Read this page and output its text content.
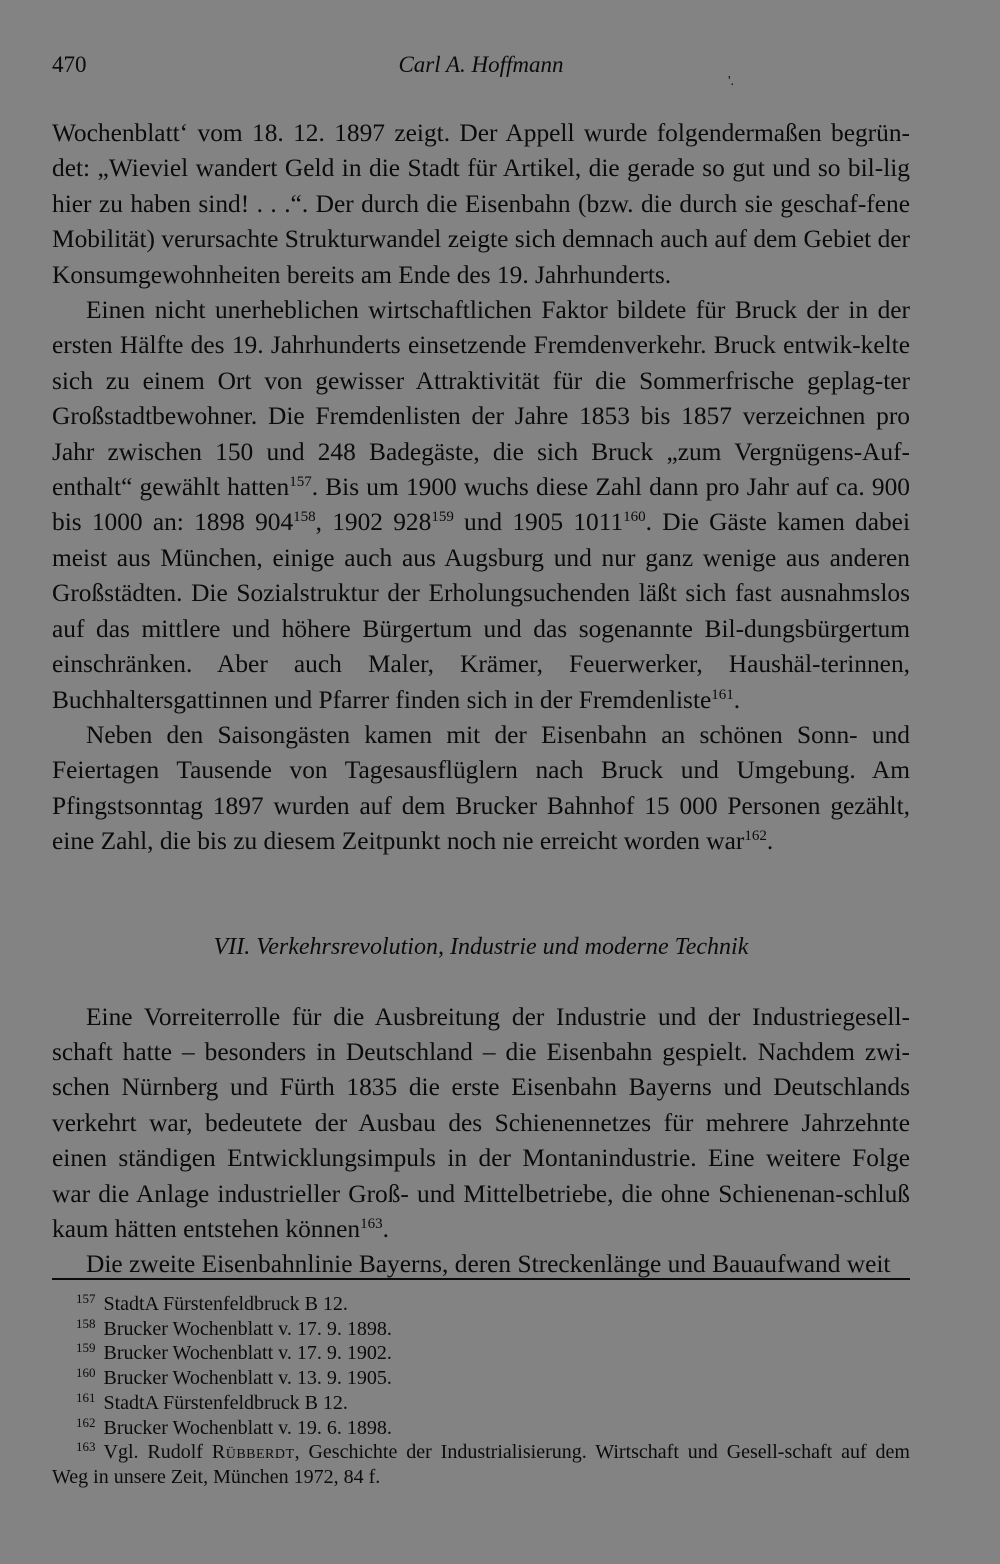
470	Carl A. Hoffmann
'.

Wochenblatt‘ vom 18. 12. 1897 zeigt. Der Appell wurde folgendermaßen begrün-det: „Wieviel wandert Geld in die Stadt für Artikel, die gerade so gut und so bil-lig hier zu haben sind! . . .“. Der durch die Eisenbahn (bzw. die durch sie geschaf-fene Mobilität) verursachte Strukturwandel zeigte sich demnach auch auf dem Gebiet der Konsumgewohnheiten bereits am Ende des 19. Jahrhunderts.

Einen nicht unerheblichen wirtschaftlichen Faktor bildete für Bruck der in der ersten Hälfte des 19. Jahrhunderts einsetzende Fremdenverkehr. Bruck entwik-kelte sich zu einem Ort von gewisser Attraktivität für die Sommerfrische geplag-ter Großstadtbewohner. Die Fremdenlisten der Jahre 1853 bis 1857 verzeichnen pro Jahr zwischen 150 und 248 Badegäste, die sich Bruck „zum Vergnügens-Auf-enthalt“ gewählt hatten$^{157}$. Bis um 1900 wuchs diese Zahl dann pro Jahr auf ca. 900 bis 1000 an: 1898 $904^{158}$, 1902 $928^{159}$ und 1905 1011$^{160}$. Die Gäste kamen dabei meist aus München, einige auch aus Augsburg und nur ganz wenige aus anderen Großstädten. Die Sozialstruktur der Erholungsuchenden läßt sich fast ausnahmslos auf das mittlere und höhere Bürgertum und das sogenannte Bil-dungsbürgertum einschränken. Aber auch Maler, Krämer, Feuerwerker, Haushäl-terinnen, Buchhaltersgattinnen und Pfarrer finden sich in der Fremdenliste$^{161}$.

Neben den Saisongästen kamen mit der Eisenbahn an schönen Sonn- und Feiertagen Tausende von Tagesausflüglern nach Bruck und Umgebung. Am Pfingstsonntag 1897 wurden auf dem Brucker Bahnhof 15 000 Personen gezählt, eine Zahl, die bis zu diesem Zeitpunkt noch nie erreicht worden war$^{162}$.

VII. Verkehrsrevolution, Industrie und moderne Technik

Eine Vorreiterrolle für die Ausbreitung der Industrie und der Industriegesell-schaft hatte – besonders in Deutschland – die Eisenbahn gespielt. Nachdem zwi-schen Nürnberg und Fürth 1835 die erste Eisenbahn Bayerns und Deutschlands verkehrt war, bedeutete der Ausbau des Schienennetzes für mehrere Jahrzehnte einen ständigen Entwicklungsimpuls in der Montanindustrie. Eine weitere Folge war die Anlage industrieller Groß- und Mittelbetriebe, die ohne Schienenan-schluß kaum hätten entstehen können$^{163}$.

Die zweite Eisenbahnlinie Bayerns, deren Streckenlänge und Bauaufwand weit

$^{157}$ StadtA Fürstenfeldbruck B 12.
$^{158}$ Brucker Wochenblatt v. 17. 9. 1898.
$^{159}$ Brucker Wochenblatt v. 17. 9. 1902.
$^{160}$ Brucker Wochenblatt v. 13. 9. 1905.
$^{161}$ StadtA Fürstenfeldbruck B 12.
$^{162}$ Brucker Wochenblatt v. 19. 6. 1898.
$^{163}$ Vgl. Rudolf Rübberdt, Geschichte der Industrialisierung. Wirtschaft und Gesell-schaft auf dem Weg in unsere Zeit, München 1972, 84 f.
